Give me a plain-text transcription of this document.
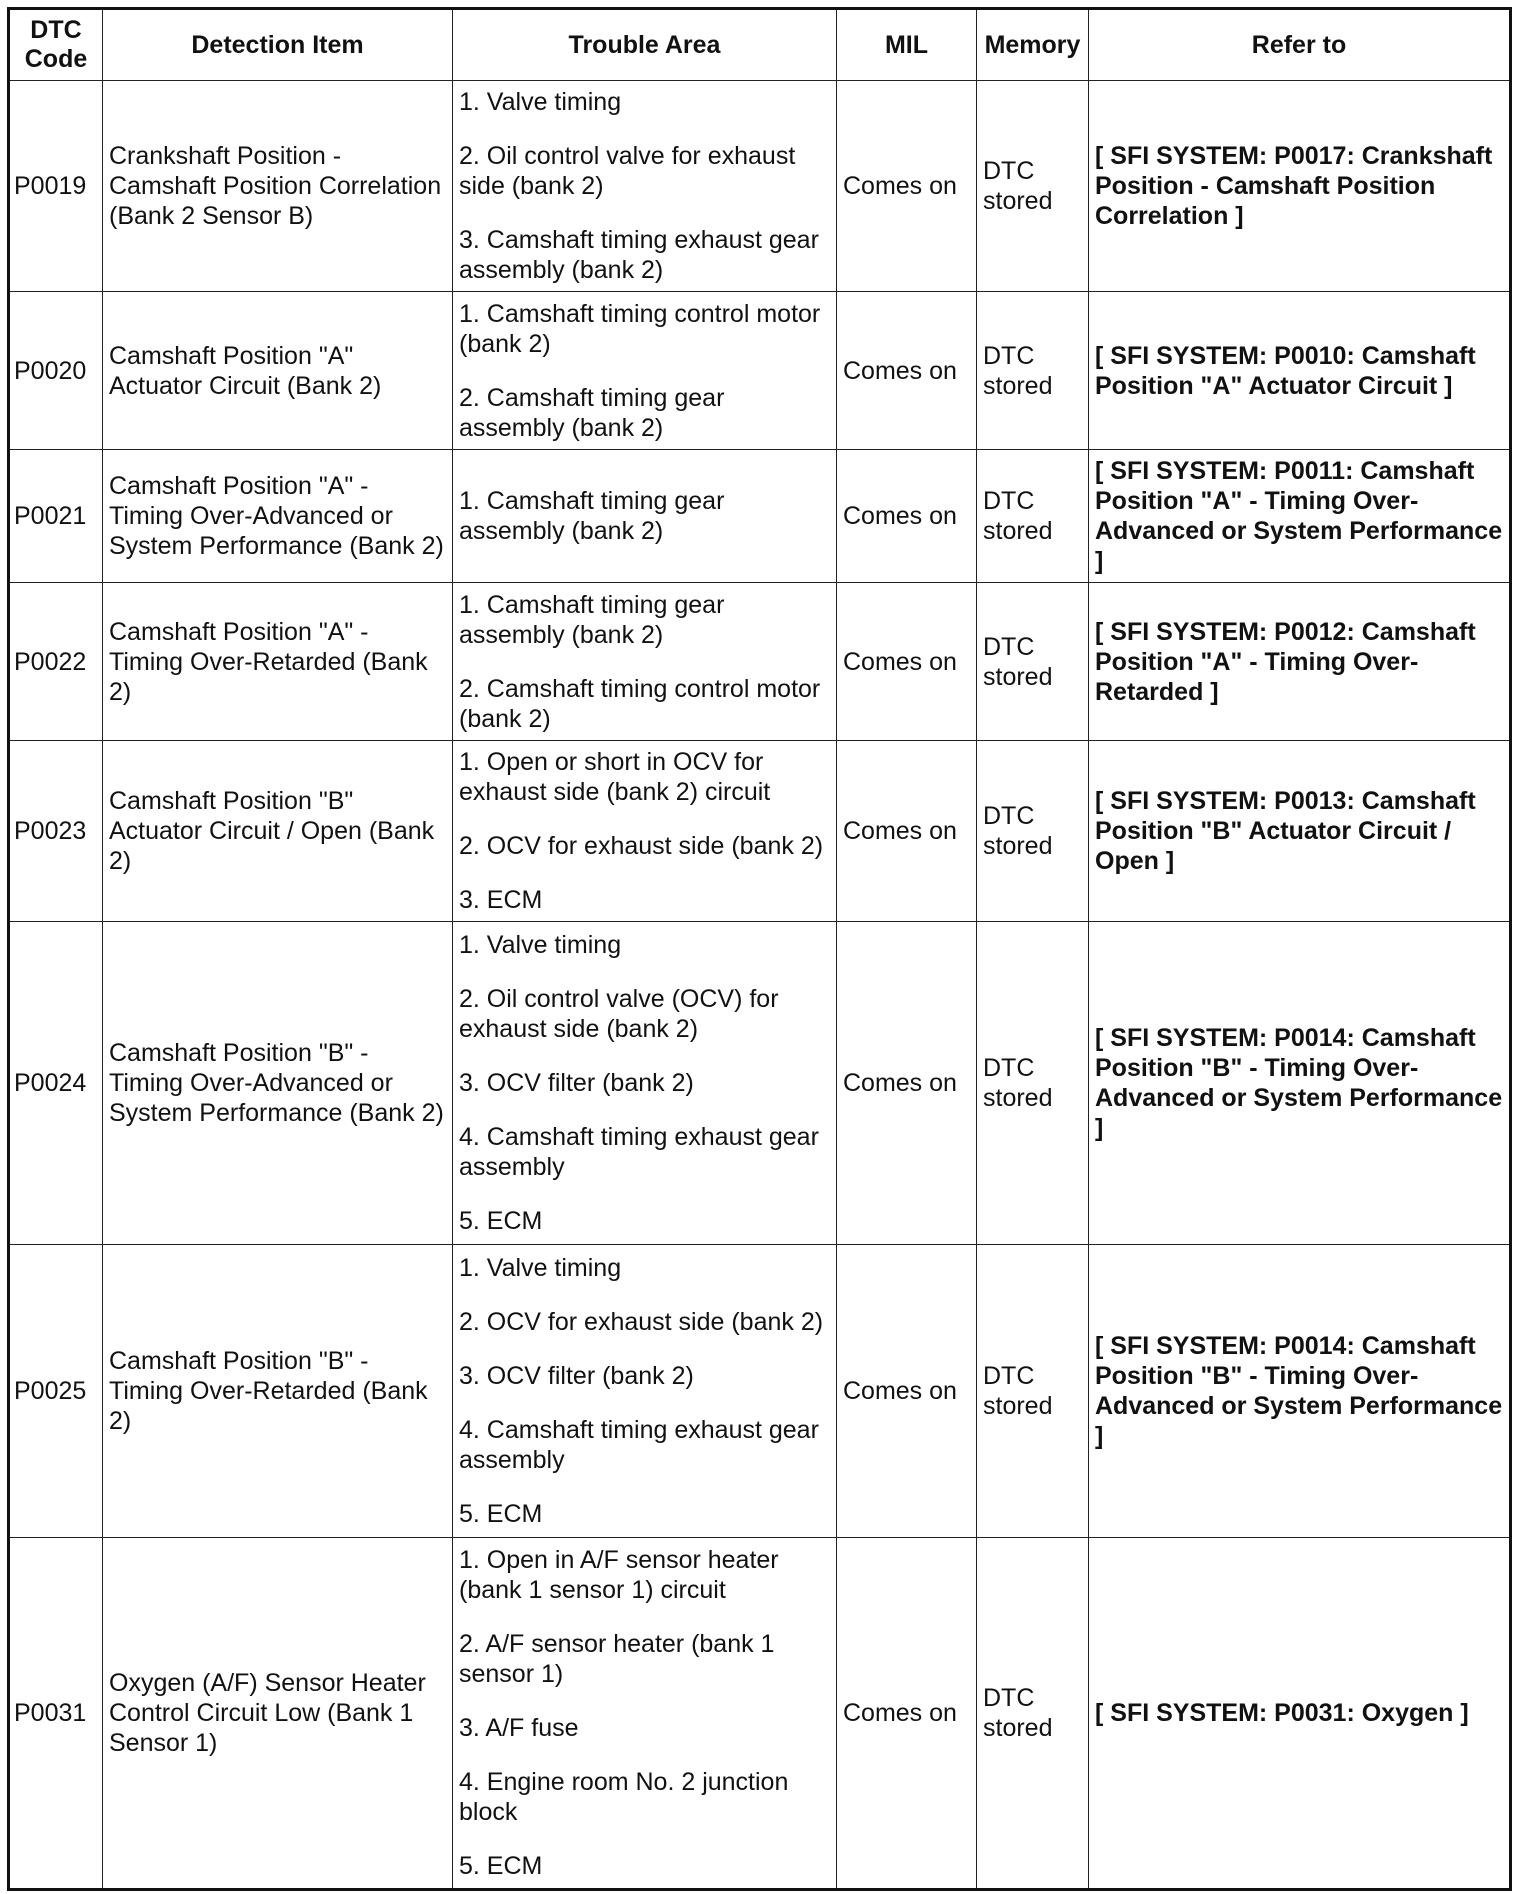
DTC Code	Detection Item	Trouble Area	MIL	Memory	Refer to
P0019	Crankshaft Position - Camshaft Position Correlation (Bank 2 Sensor B)	1. Valve timing
2. Oil control valve for exhaust side (bank 2)
3. Camshaft timing exhaust gear assembly (bank 2)	Comes on	DTC stored	[ SFI SYSTEM: P0017: Crankshaft Position - Camshaft Position Correlation ]
P0020	Camshaft Position "A" Actuator Circuit (Bank 2)	1. Camshaft timing control motor (bank 2)
2. Camshaft timing gear assembly (bank 2)	Comes on	DTC stored	[ SFI SYSTEM: P0010: Camshaft Position "A" Actuator Circuit ]
P0021	Camshaft Position "A" - Timing Over-Advanced or System Performance (Bank 2)	1. Camshaft timing gear assembly (bank 2)	Comes on	DTC stored	[ SFI SYSTEM: P0011: Camshaft Position "A" - Timing Over-Advanced or System Performance ]
P0022	Camshaft Position "A" - Timing Over-Retarded (Bank 2)	1. Camshaft timing gear assembly (bank 2)
2. Camshaft timing control motor (bank 2)	Comes on	DTC stored	[ SFI SYSTEM: P0012: Camshaft Position "A" - Timing Over-Retarded ]
P0023	Camshaft Position "B" Actuator Circuit / Open (Bank 2)	1. Open or short in OCV for exhaust side (bank 2) circuit
2. OCV for exhaust side (bank 2)
3. ECM	Comes on	DTC stored	[ SFI SYSTEM: P0013: Camshaft Position "B" Actuator Circuit / Open ]
P0024	Camshaft Position "B" - Timing Over-Advanced or System Performance (Bank 2)	1. Valve timing
2. Oil control valve (OCV) for exhaust side (bank 2)
3. OCV filter (bank 2)
4. Camshaft timing exhaust gear assembly
5. ECM	Comes on	DTC stored	[ SFI SYSTEM: P0014: Camshaft Position "B" - Timing Over-Advanced or System Performance ]
P0025	Camshaft Position "B" - Timing Over-Retarded (Bank 2)	1. Valve timing
2. OCV for exhaust side (bank 2)
3. OCV filter (bank 2)
4. Camshaft timing exhaust gear assembly
5. ECM	Comes on	DTC stored	[ SFI SYSTEM: P0014: Camshaft Position "B" - Timing Over-Advanced or System Performance ]
P0031	Oxygen (A/F) Sensor Heater Control Circuit Low (Bank 1 Sensor 1)	1. Open in A/F sensor heater (bank 1 sensor 1) circuit
2. A/F sensor heater (bank 1 sensor 1)
3. A/F fuse
4. Engine room No. 2 junction block
5. ECM	Comes on	DTC stored	[ SFI SYSTEM: P0031: Oxygen ]
